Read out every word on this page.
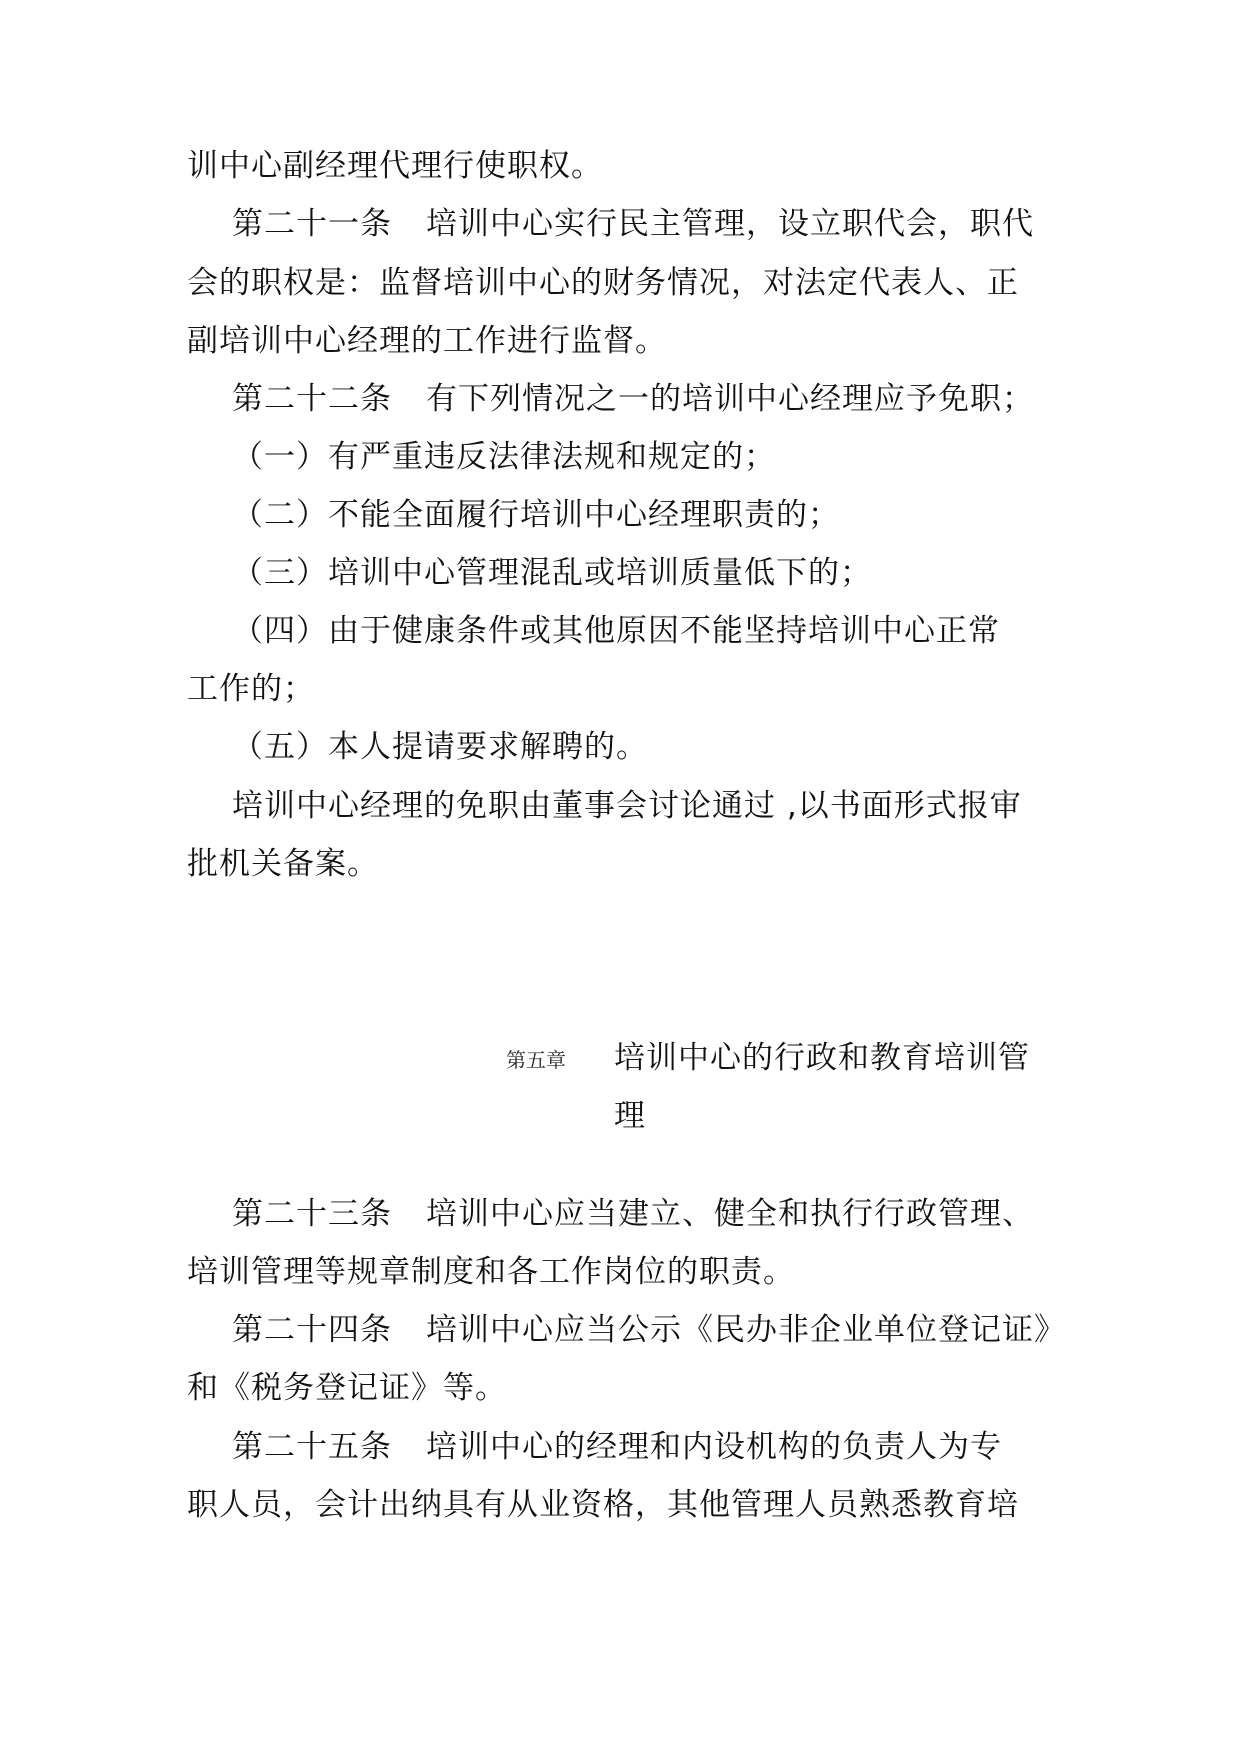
训中心副经理代理行使职权。
第二十一条 培训中心实行民主管理，设立职代会，职代
会的职权是：监督培训中心的财务情况，对法定代表人、正
副培训中心经理的工作进行监督。
第二十二条 有下列情况之一的培训中心经理应予免职；
（一）有严重违反法律法规和规定的；
（二）不能全面履行培训中心经理职责的；
（三）培训中心管理混乱或培训质量低下的；
（四）由于健康条件或其他原因不能坚持培训中心正常
工作的；
（五）本人提请要求解聘的。
培训中心经理的免职由董事会讨论通过 ,以书面形式报审
批机关备案。
第五章 培训中心的行政和教育培训管
理
第二十三条 培训中心应当建立、健全和执行行政管理、
培训管理等规章制度和各工作岗位的职责。
第二十四条 培训中心应当公示《民办非企业单位登记证》
和《税务登记证》等。
第二十五条 培训中心的经理和内设机构的负责人为专
职人员，会计出纳具有从业资格，其他管理人员熟悉教育培
